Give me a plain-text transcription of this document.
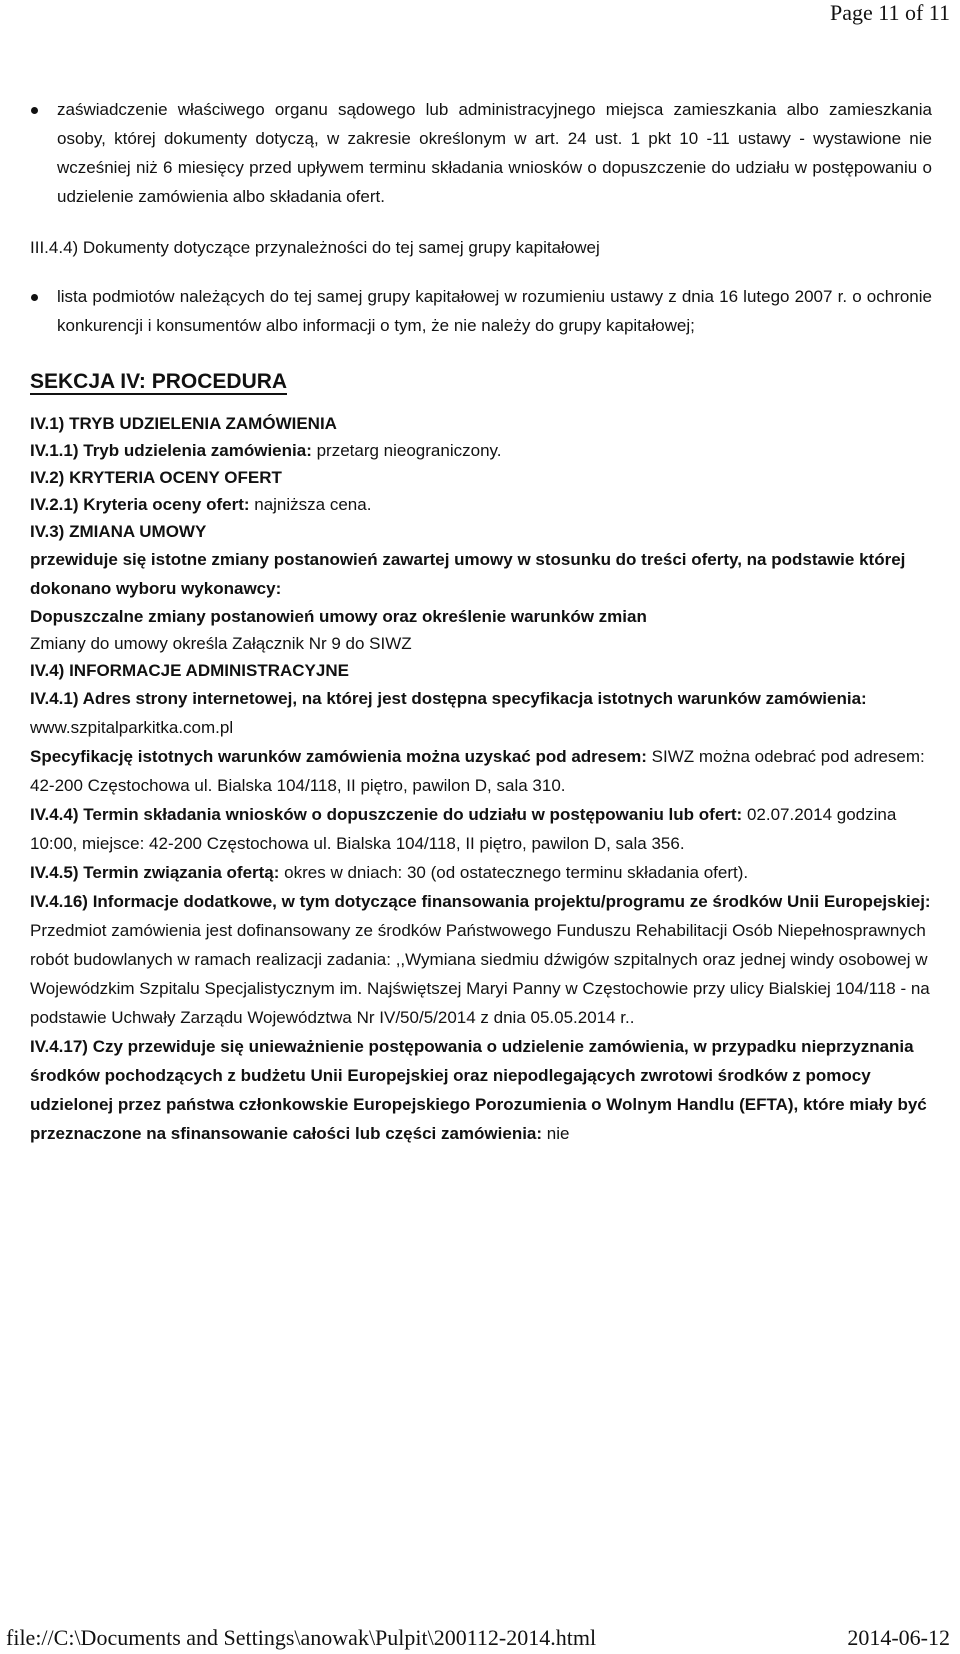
Page 11 of 11
zaświadczenie właściwego organu sądowego lub administracyjnego miejsca zamieszkania albo zamieszkania osoby, której dokumenty dotyczą, w zakresie określonym w art. 24 ust. 1 pkt 10 -11 ustawy - wystawione nie wcześniej niż 6 miesięcy przed upływem terminu składania wniosków o dopuszczenie do udziału w postępowaniu o udzielenie zamówienia albo składania ofert.
III.4.4) Dokumenty dotyczące przynależności do tej samej grupy kapitałowej
lista podmiotów należących do tej samej grupy kapitałowej w rozumieniu ustawy z dnia 16 lutego 2007 r. o ochronie konkurencji i konsumentów albo informacji o tym, że nie należy do grupy kapitałowej;
SEKCJA IV: PROCEDURA
IV.1) TRYB UDZIELENIA ZAMÓWIENIA
IV.1.1) Tryb udzielenia zamówienia: przetarg nieograniczony.
IV.2) KRYTERIA OCENY OFERT
IV.2.1) Kryteria oceny ofert: najniższa cena.
IV.3) ZMIANA UMOWY
przewiduje się istotne zmiany postanowień zawartej umowy w stosunku do treści oferty, na podstawie której dokonano wyboru wykonawcy:
Dopuszczalne zmiany postanowień umowy oraz określenie warunków zmian
Zmiany do umowy określa Załącznik Nr 9 do SIWZ
IV.4) INFORMACJE ADMINISTRACYJNE
IV.4.1) Adres strony internetowej, na której jest dostępna specyfikacja istotnych warunków zamówienia: www.szpitalparkitka.com.pl
Specyfikację istotnych warunków zamówienia można uzyskać pod adresem: SIWZ można odebrać pod adresem: 42-200 Częstochowa ul. Bialska 104/118, II piętro, pawilon D, sala 310.
IV.4.4) Termin składania wniosków o dopuszczenie do udziału w postępowaniu lub ofert: 02.07.2014 godzina 10:00, miejsce: 42-200 Częstochowa ul. Bialska 104/118, II piętro, pawilon D, sala 356.
IV.4.5) Termin związania ofertą: okres w dniach: 30 (od ostatecznego terminu składania ofert).
IV.4.16) Informacje dodatkowe, w tym dotyczące finansowania projektu/programu ze środków Unii Europejskiej: Przedmiot zamówienia jest dofinansowany ze środków Państwowego Funduszu Rehabilitacji Osób Niepełnosprawnych robót budowlanych w ramach realizacji zadania: ,,Wymiana siedmiu dźwigów szpitalnych oraz jednej windy osobowej w Wojewódzkim Szpitalu Specjalistycznym im. Najświętszej Maryi Panny w Częstochowie przy ulicy Bialskiej 104/118 - na podstawie Uchwały Zarządu Województwa Nr IV/50/5/2014 z dnia 05.05.2014 r..
IV.4.17) Czy przewiduje się unieważnienie postępowania o udzielenie zamówienia, w przypadku nieprzyznania środków pochodzących z budżetu Unii Europejskiej oraz niepodlegających zwrotowi środków z pomocy udzielonej przez państwa członkowskie Europejskiego Porozumienia o Wolnym Handlu (EFTA), które miały być przeznaczone na sfinansowanie całości lub części zamówienia: nie
file://C:\Documents and Settings\anowak\Pulpit\200112-2014.html	2014-06-12
